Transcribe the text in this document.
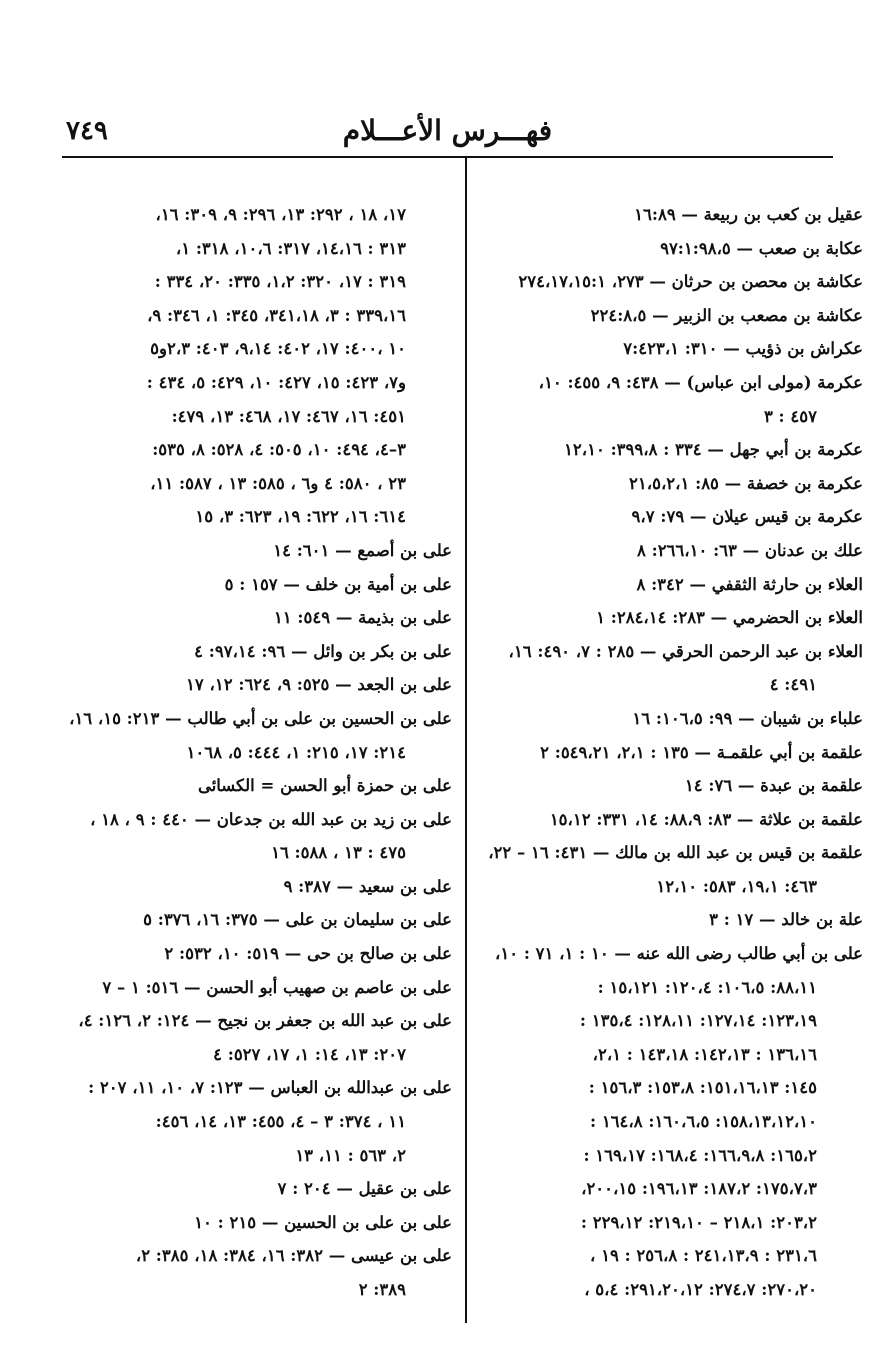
٧٤٩	فهـــرس الأعـــلام
عقيل بن كعب بن ربيعة — ١٦:٨٩
عكابة بن صعب — ٩٧:١:٩٨،٥
عكاشة بن محصن بن حرثان — ٢٧٣، ٢٧٤،١٧،١٥:١
عكاشة بن مصعب بن الزبير — ٢٢٤:٨،٥
عكراش بن ذؤيب — ٣١٠: ٧:٤٢٣،١
عكرمة (مولى ابن عباس) — ٤٣٨: ٩، ٤٥٥: ١٠،
٤٥٧ : ٣
عكرمة بن أبي جهل — ٣٣٤ : ٣٩٩،٨: ١٢،١٠
عكرمة بن خصفة — ٨٥: ٢١،٥،٢،١
عكرمة بن قيس عيلان — ٧٩: ٩،٧
علك بن عدنان — ٦٣: ٢٦٦،١٠: ٨
العلاء بن حارثة الثقفي — ٣٤٢: ٨
العلاء بن الحضرمي — ٢٨٣: ٢٨٤،١٤: ١
العلاء بن عبد الرحمن الحرقي — ٢٨٥ : ٧، ٤٩٠: ١٦،
٤٩١: ٤
علباء بن شيبان — ٩٩: ١٠٦،٥: ١٦
علقمة بن أبي علقمـة — ١٣٥ : ٢،١، ٥٤٩،٢١: ٢
علقمة بن عبدة — ٧٦: ١٤
علقمة بن علاثة — ٨٣: ٨٨،٩: ١٤، ٣٣١: ١٥،١٢
علقمة بن قيس بن عبد الله بن مالك — ٤٣١: ١٦ – ٢٢،
٤٦٣: ١٩،١، ٥٨٣: ١٢،١٠
علة بن خالد — ١٧ : ٣
على بن أبي طالب رضى الله عنه — ١٠ : ١، ٧١ : ١٠،
٨٨،١١: ١٠٦،٥: ١٢٠،٤: ١٥،١٢١ :
١٢٣،١٩: ١٢٧،١٤: ١٢٨،١١: ١٣٥،٤ :
١٣٦،١٦ : ١٤٢،١٣: ١٤٣،١٨ : ٢،١،
١٤٥: ١٥١،١٦،١٣: ١٥٣،٨: ١٥٦،٣ :
١٥٨،١٣،١٢،١٠: ١٦٠،٦،٥: ١٦٤،٨ :
١٦٥،٢: ١٦٦،٩،٨: ١٦٨،٤: ١٦٩،١٧ :
١٧٥،٧،٣: ١٨٧،٢: ١٩٦،١٣: ٢٠٠،١٥،
٢٠٣،٢: ٢١٨،١ – ٢١٩،١٠: ٢٢٩،١٢ :
٢٣١،٦ : ٢٤١،١٣،٩ : ٢٥٦،٨ : ١٩ ،
٢٧٠،٢٠: ٢٧٤،٧: ٢٩١،٢٠،١٢: ٥،٤ ،
١٧، ١٨ ، ٢٩٢: ١٣، ٢٩٦: ٩، ٣٠٩: ١٦،
٣١٣ : ١٤،١٦، ٣١٧: ١٠،٦، ٣١٨: ١،
٣١٩ : ١٧، ٣٢٠: ١،٢، ٣٣٥: ٢٠، ٣٣٤ :
٣٣٩،١٦ : ٣، ٣٤١،١٨، ٣٤٥: ١، ٣٤٦: ٩،
١٠ ،٤٠٠: ١٧، ٤٠٢: ٩،١٤، ٤٠٣: ٢،٣و٥
و٧، ٤٢٣: ١٥، ٤٢٧: ١٠، ٤٢٩: ٥، ٤٣٤ :
٤٥١: ١٦، ٤٦٧: ١٧، ٤٦٨: ١٣، ٤٧٩:
٣–٤، ٤٩٤: ١٠، ٥٠٥: ٤، ٥٢٨: ٨، ٥٣٥:
٢٣ ، ٥٨٠: ٤ و٦ ، ٥٨٥: ١٣ ، ٥٨٧: ١١،
٦١٤: ١٦، ٦٢٢: ١٩، ٦٢٣: ٣، ١٥
على بن أصمع — ٦٠١: ١٤
على بن أمية بن خلف — ١٥٧ : ٥
على بن بذيمة — ٥٤٩: ١١
على بن بكر بن وائل — ٩٦: ٩٧،١٤: ٤
على بن الجعد — ٥٢٥: ٩، ٦٢٤: ١٢، ١٧
على بن الحسين بن على بن أبي طالب — ٢١٣: ١٥، ١٦،
٢١٤: ١٧، ٢١٥: ١، ٤٤٤: ٥، ١٠٦٨
على بن حمزة أبو الحسن = الكسائى
على بن زيد بن عبد الله بن جدعان — ٤٤٠ : ٩ ، ١٨ ،
٤٧٥ : ١٣ ، ٥٨٨: ١٦
على بن سعيد — ٣٨٧: ٩
على بن سليمان بن على — ٣٧٥: ١٦، ٣٧٦: ٥
على بن صالح بن حى — ٥١٩: ١٠، ٥٣٢: ٢
على بن عاصم بن صهيب أبو الحسن — ٥١٦: ١ – ٧
على بن عبد الله بن جعفر بن نجيح — ١٢٤: ٢، ١٢٦: ٤،
٢٠٧: ١٣، ١٤: ١، ١٧، ٥٢٧: ٤
على بن عبدالله بن العباس — ١٢٣: ٧، ١٠، ١١، ٢٠٧ :
١١ ، ٣٧٤: ٣ – ٤، ٤٥٥: ١٣، ١٤، ٤٥٦:
٢، ٥٦٣ : ١١، ١٣
على بن عقيل — ٢٠٤ : ٧
على بن على بن الحسين — ٢١٥ : ١٠
على بن عيسى — ٣٨٢: ١٦، ٣٨٤: ١٨، ٣٨٥: ٢،
٣٨٩: ٢
